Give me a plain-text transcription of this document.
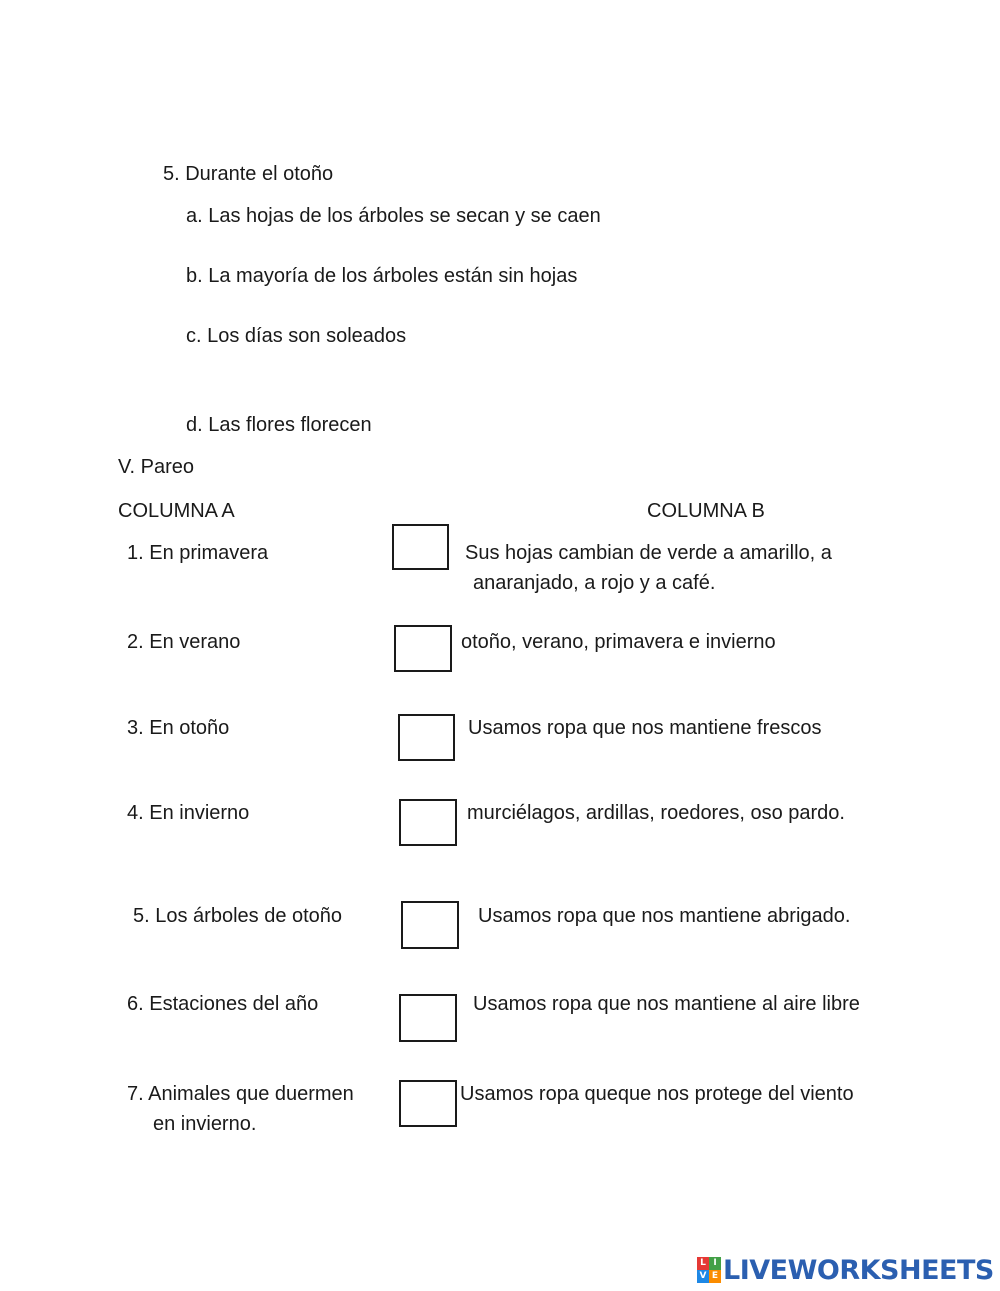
5. Durante el otoño
a. Las hojas de los árboles se secan y se caen
b. La mayoría de los árboles están sin hojas
c. Los días son soleados
d. Las flores florecen
V. Pareo
COLUMNA A	COLUMNA B
1. En primavera
2. En verano
3. En otoño
4. En invierno
5. Los árboles de otoño
6. Estaciones del año
7. Animales que duermen
en invierno.
Sus hojas cambian de verde a amarillo, a
anaranjado, a rojo y a café.
otoño, verano, primavera e invierno
Usamos ropa que nos mantiene frescos
murciélagos, ardillas, roedores, oso pardo.
Usamos ropa que nos mantiene abrigado.
Usamos ropa que nos mantiene al aire libre
Usamos ropa queque nos protege del viento
L I
V E LIVEWORKSHEETS
